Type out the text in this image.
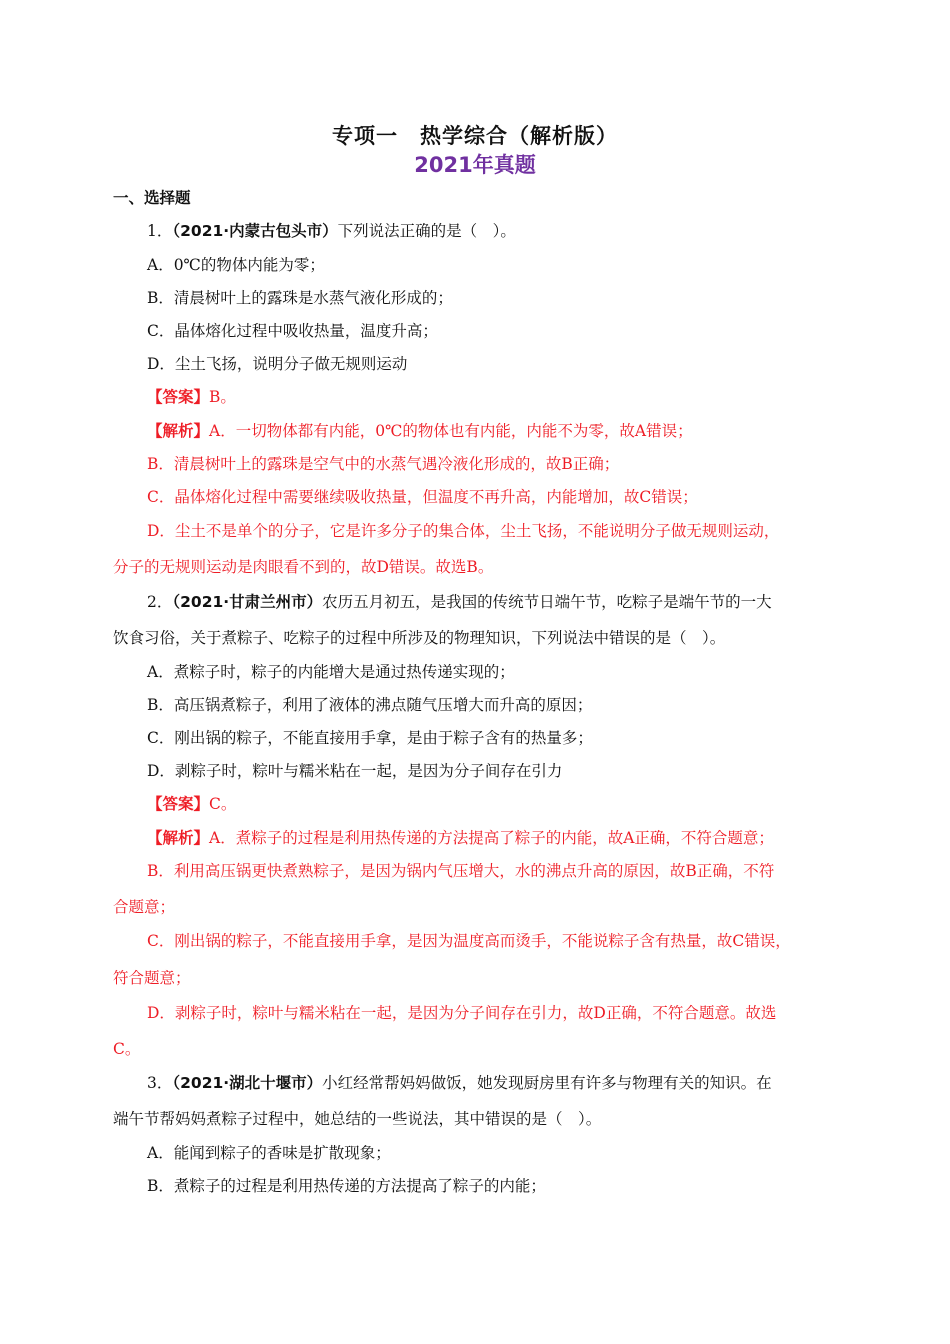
专项一　热学综合（解析版）
2021年真题
一、选择题
1．（2021·内蒙古包头市）下列说法正确的是（　）。
A．0℃的物体内能为零；
B．清晨树叶上的露珠是水蒸气液化形成的；
C．晶体熔化过程中吸收热量，温度升高；
D．尘土飞扬，说明分子做无规则运动
【答案】B。
【解析】A．一切物体都有内能，0℃的物体也有内能，内能不为零，故A错误；
B．清晨树叶上的露珠是空气中的水蒸气遇冷液化形成的，故B正确；
C．晶体熔化过程中需要继续吸收热量，但温度不再升高，内能增加，故C错误；
D．尘土不是单个的分子，它是许多分子的集合体，尘土飞扬，不能说明分子做无规则运动，
分子的无规则运动是肉眼看不到的，故D错误。故选B。
2．（2021·甘肃兰州市）农历五月初五，是我国的传统节日端午节，吃粽子是端午节的一大
饮食习俗，关于煮粽子、吃粽子的过程中所涉及的物理知识，下列说法中错误的是（　）。
A．煮粽子时，粽子的内能增大是通过热传递实现的；
B．高压锅煮粽子，利用了液体的沸点随气压增大而升高的原因；
C．刚出锅的粽子，不能直接用手拿，是由于粽子含有的热量多；
D．剥粽子时，粽叶与糯米粘在一起，是因为分子间存在引力
【答案】C。
【解析】A．煮粽子的过程是利用热传递的方法提高了粽子的内能，故A正确，不符合题意；
B．利用高压锅更快煮熟粽子，是因为锅内气压增大，水的沸点升高的原因，故B正确，不符
合题意；
C．刚出锅的粽子，不能直接用手拿，是因为温度高而烫手，不能说粽子含有热量，故C错误，
符合题意；
D．剥粽子时，粽叶与糯米粘在一起，是因为分子间存在引力，故D正确，不符合题意。故选
C。
3．（2021·湖北十堰市）小红经常帮妈妈做饭，她发现厨房里有许多与物理有关的知识。在
端午节帮妈妈煮粽子过程中，她总结的一些说法，其中错误的是（　）。
A．能闻到粽子的香味是扩散现象；
B．煮粽子的过程是利用热传递的方法提高了粽子的内能；
